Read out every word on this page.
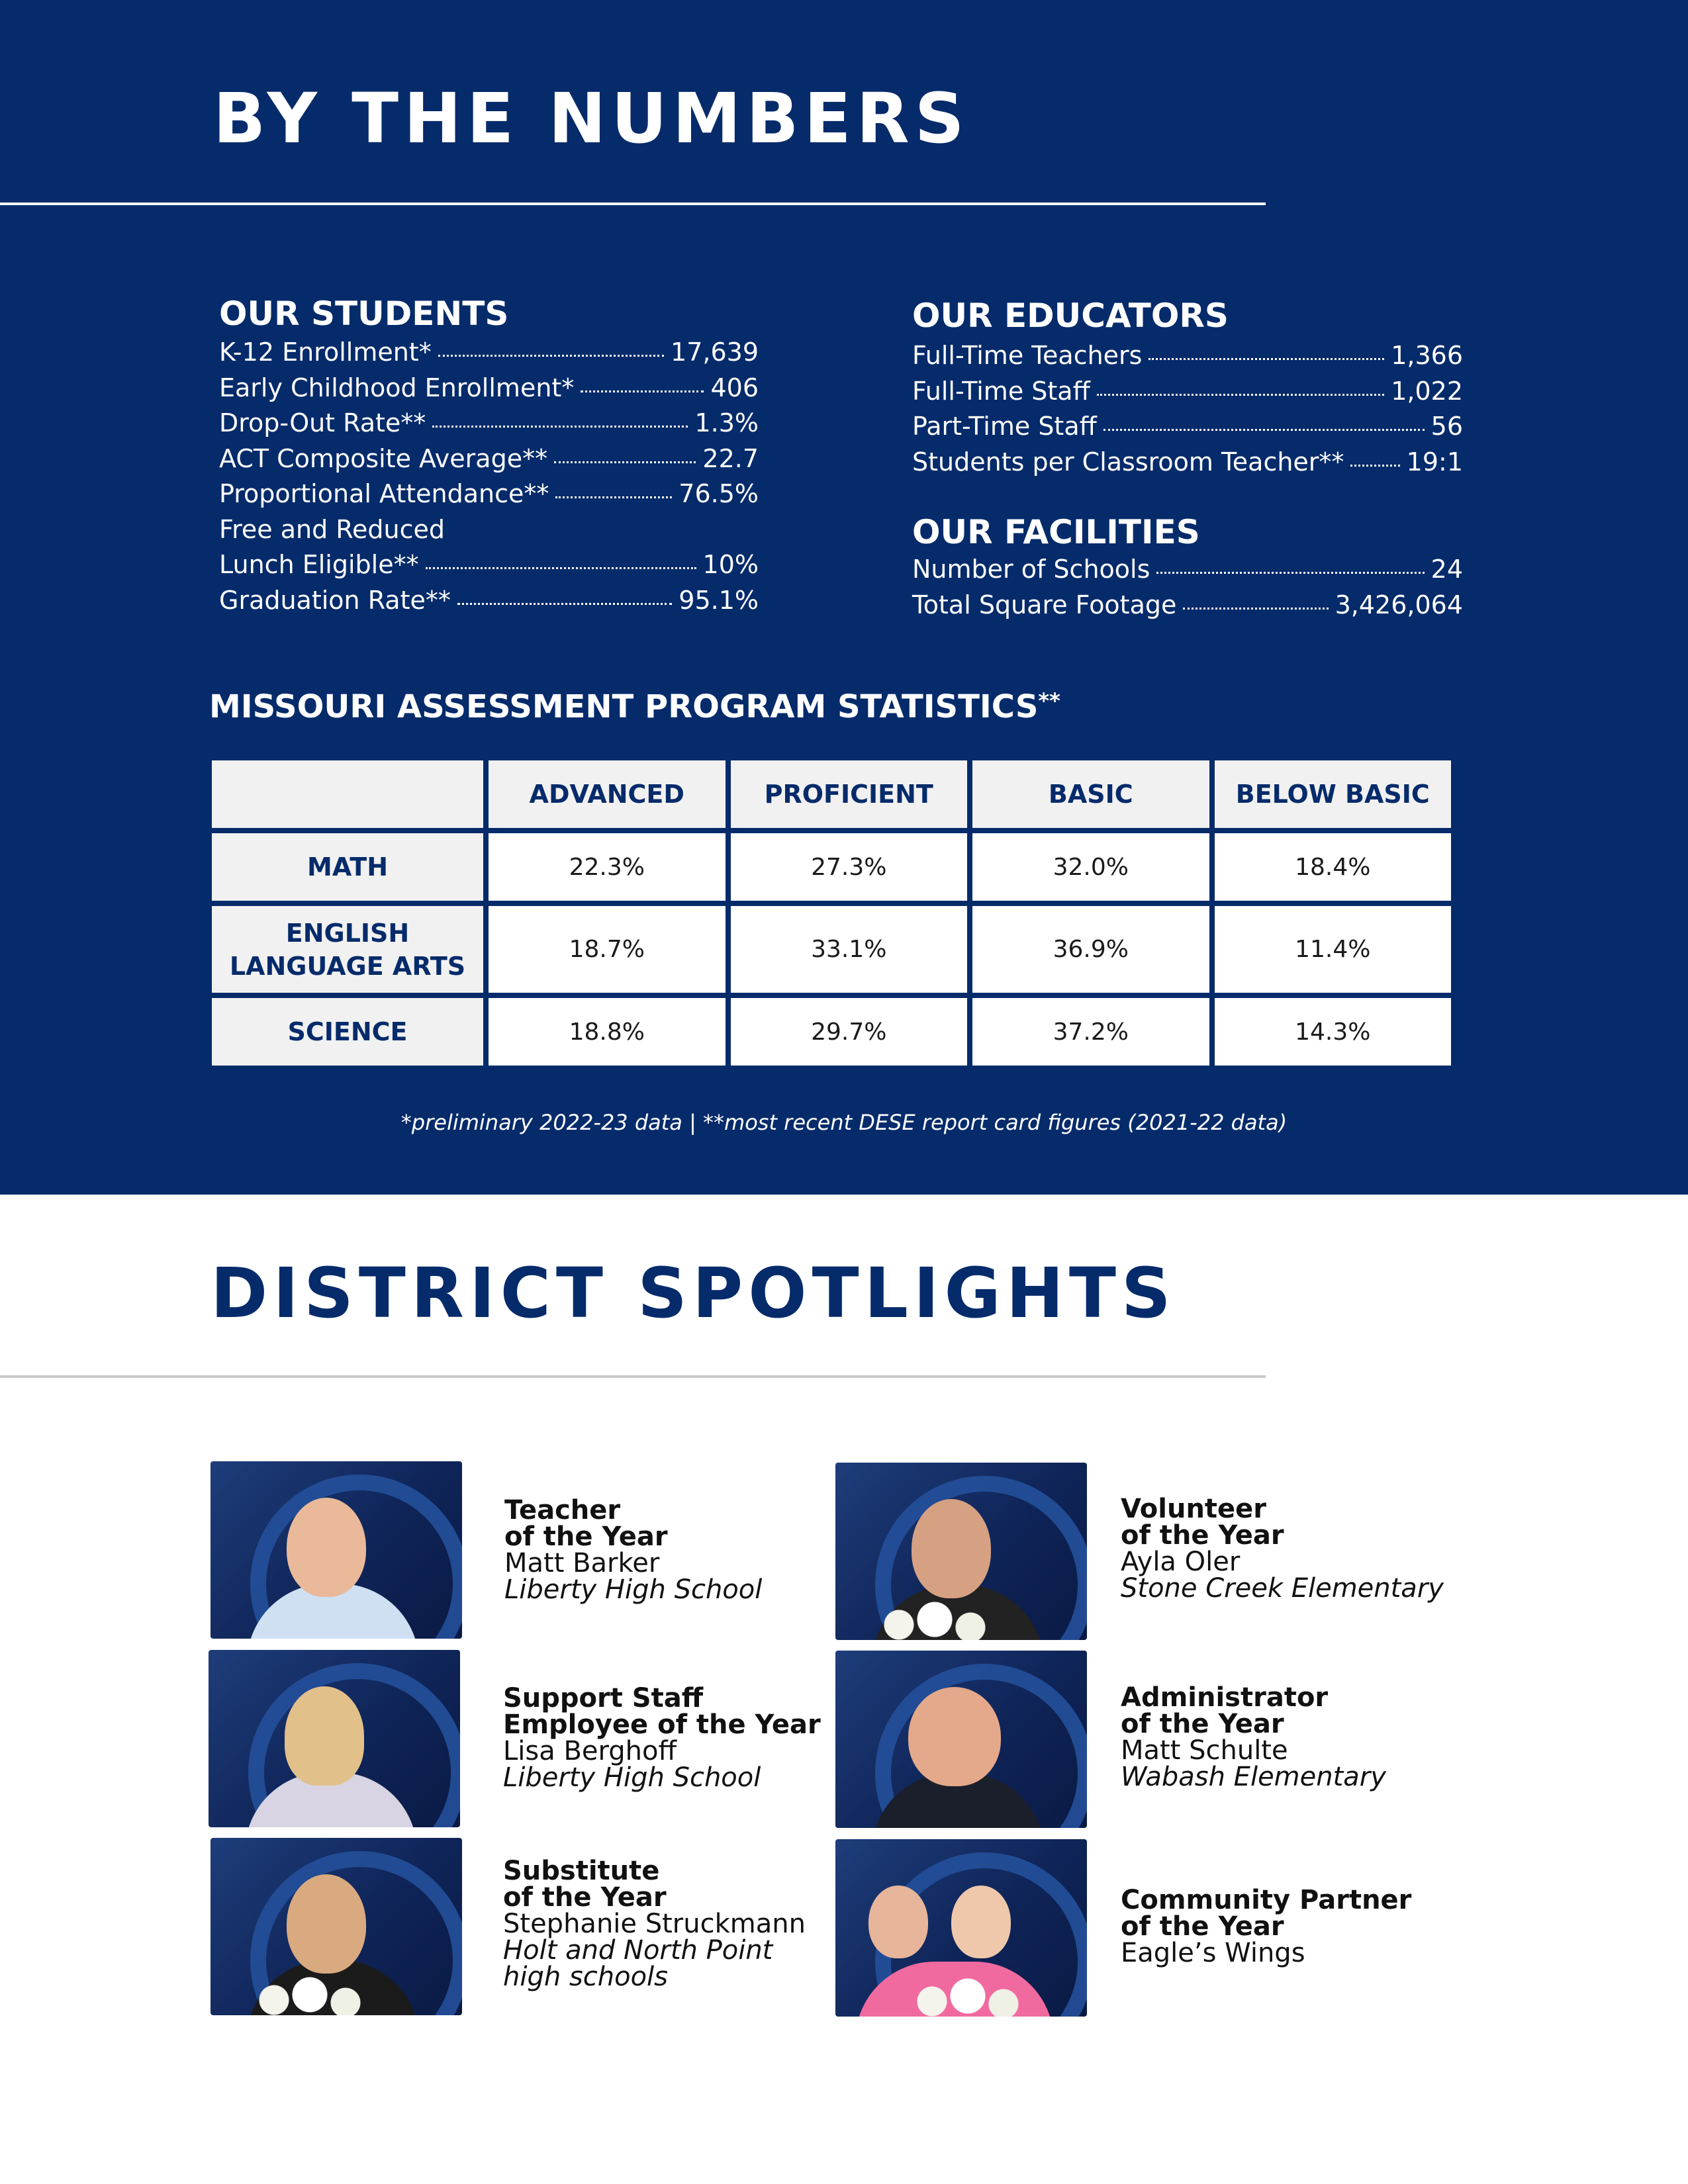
BY THE NUMBERS
OUR STUDENTS
K-12 Enrollment*	17,639
Early Childhood Enrollment*	406
Drop-Out Rate**	1.3%
ACT Composite Average**	22.7
Proportional Attendance**	76.5%
Free and Reduced
Lunch Eligible**	10%
Graduation Rate**	95.1%
OUR EDUCATORS
Full-Time Teachers	1,366
Full-Time Staff	1,022
Part-Time Staff	56
Students per Classroom Teacher** 19:1
OUR FACILITIES
Number of Schools	24
Total Square Footage	3,426,064
MISSOURI ASSESSMENT PROGRAM STATISTICS**
	ADVANCED	PROFICIENT	BASIC	BELOW BASIC
MATH	22.3%	27.3%	32.0%	18.4%
ENGLISH LANGUAGE ARTS	18.7%	33.1%	36.9%	11.4%
SCIENCE	18.8%	29.7%	37.2%	14.3%
*preliminary 2022-23 data | **most recent DESE report card figures (2021-22 data)
DISTRICT SPOTLIGHTS
Teacher
of the Year
Matt Barker
Liberty High School
Support Staff
Employee of the Year
Lisa Berghoff
Liberty High School
Substitute
of the Year
Stephanie Struckmann
Holt and North Point
high schools
Volunteer
of the Year
Ayla Oler
Stone Creek Elementary
Administrator
of the Year
Matt Schulte
Wabash Elementary
Community Partner
of the Year
Eagle’s Wings
